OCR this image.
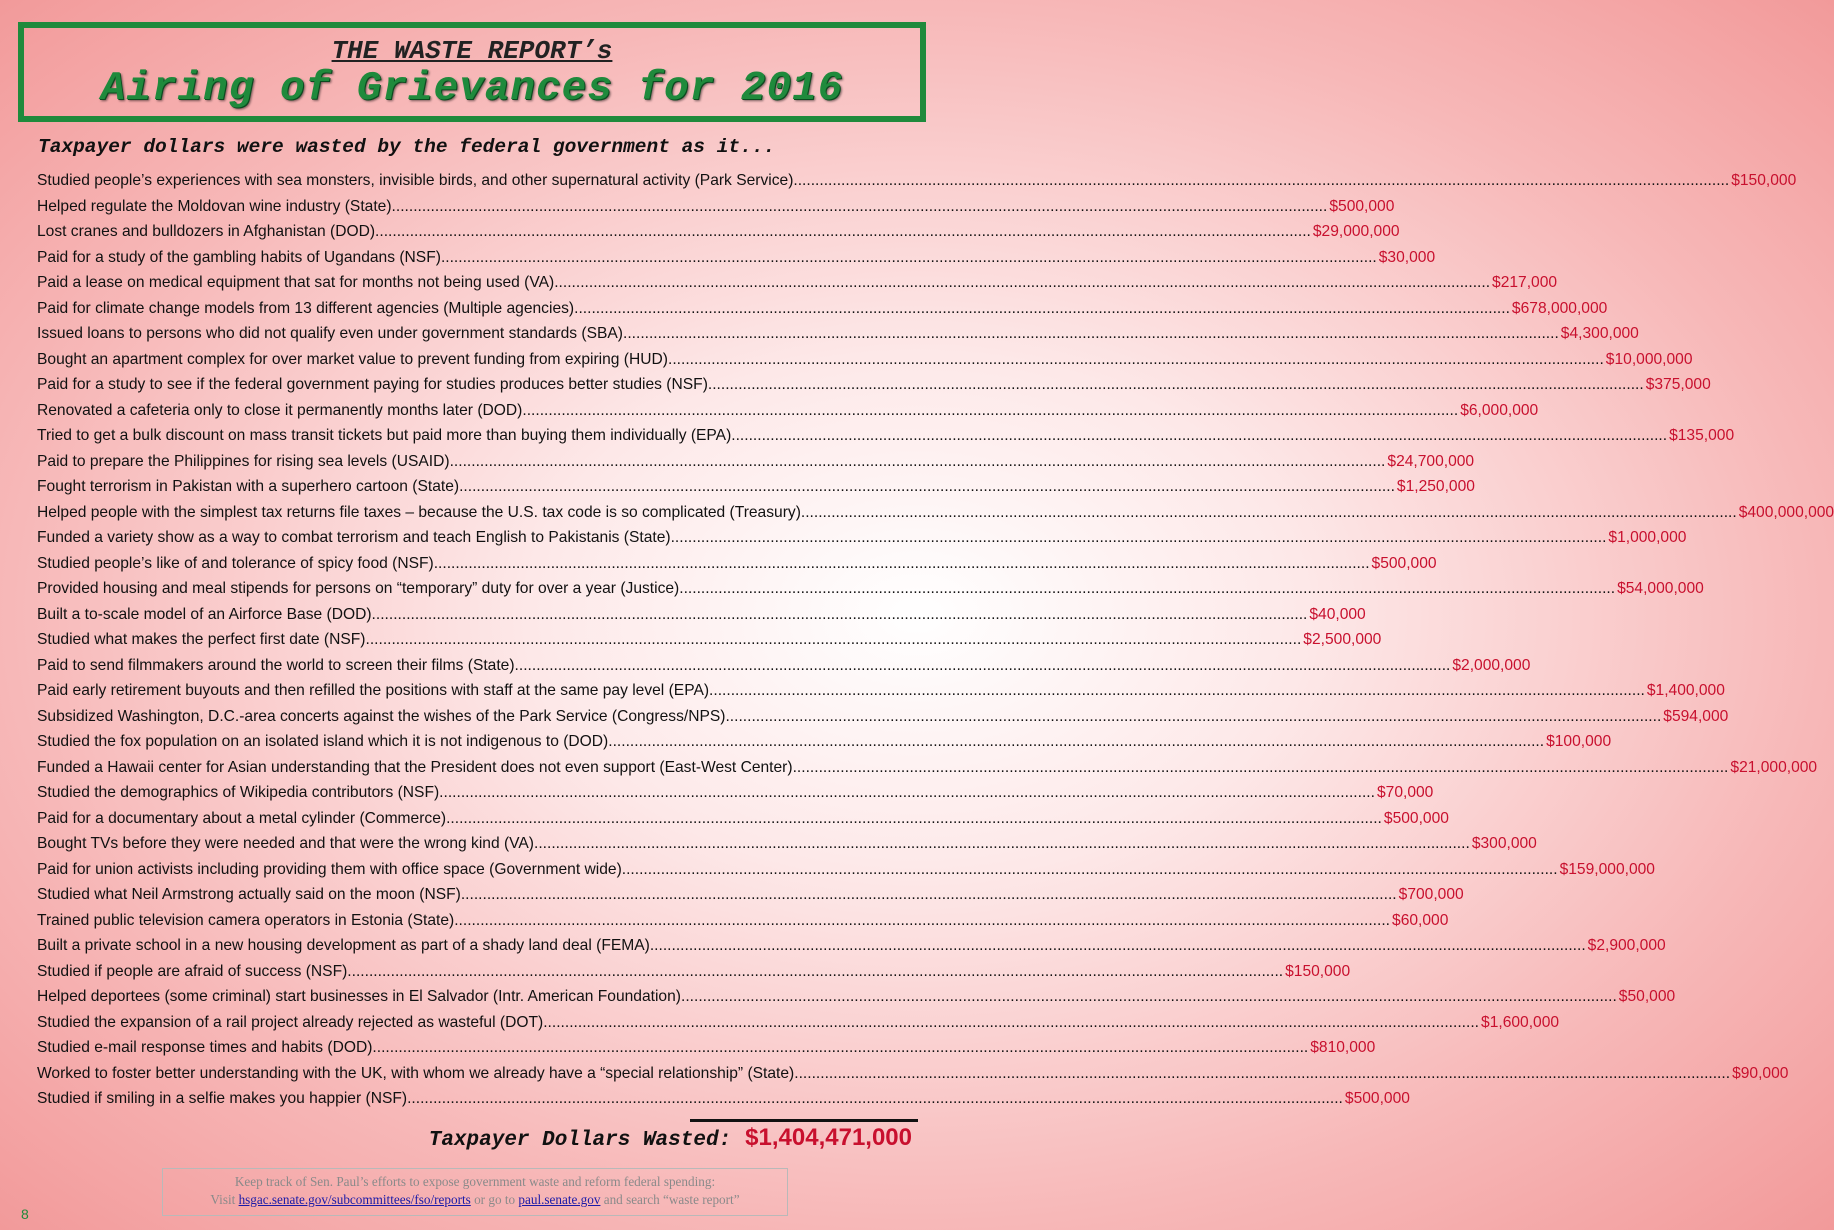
THE WASTE REPORT’s
Airing of Grievances for 2016
Taxpayer dollars were wasted by the federal government as it...
Studied people’s experiences with sea monsters, invisible birds, and other supernatural activity (Park Service) .....	$150,000
Helped regulate the Moldovan wine industry (State) .....	$500,000
Lost cranes and bulldozers in Afghanistan (DOD) .....	$29,000,000
Paid for a study of the gambling habits of Ugandans (NSF) .....	$30,000
Paid a lease on medical equipment that sat for months not being used (VA) .....	$217,000
Paid for climate change models from 13 different agencies (Multiple agencies) .....	$678,000,000
Issued loans to persons who did not qualify even under government standards (SBA) .....	$4,300,000
Bought an apartment complex for over market value to prevent funding from expiring (HUD) .....	$10,000,000
Paid for a study to see if the federal government paying for studies produces better studies (NSF) .....	$375,000
Renovated a cafeteria only to close it permanently months later (DOD) .....	$6,000,000
Tried to get a bulk discount on mass transit tickets but paid more than buying them individually (EPA) .....	$135,000
Paid to prepare the Philippines for rising sea levels (USAID) .....	$24,700,000
Fought terrorism in Pakistan with a superhero cartoon (State) .....	$1,250,000
Helped people with the simplest tax returns file taxes – because the U.S. tax code is so complicated (Treasury) .....	$400,000,000
Funded a variety show as a way to combat terrorism and teach English to Pakistanis (State) .....	$1,000,000
Studied people’s like of and tolerance of spicy food (NSF) .....	$500,000
Provided housing and meal stipends for persons on “temporary” duty for over a year (Justice) .....	$54,000,000
Built a to-scale model of an Airforce Base (DOD) .....	$40,000
Studied what makes the perfect first date (NSF) .....	$2,500,000
Paid to send filmmakers around the world to screen their films (State) .....	$2,000,000
Paid early retirement buyouts and then refilled the positions with staff at the same pay level (EPA) .....	$1,400,000
Subsidized Washington, D.C.-area concerts against the wishes of the Park Service (Congress/NPS) .....	$594,000
Studied the fox population on an isolated island which it is not indigenous to (DOD) .....	$100,000
Funded a Hawaii center for Asian understanding that the President does not even support (East-West Center) .....	$21,000,000
Studied the demographics of Wikipedia contributors (NSF) .....	$70,000
Paid for a documentary about a metal cylinder (Commerce) .....	$500,000
Bought TVs before they were needed and that were the wrong kind (VA) .....	$300,000
Paid for union activists including providing them with office space (Government wide) .....	$159,000,000
Studied what Neil Armstrong actually said on the moon (NSF) .....	$700,000
Trained public television camera operators in Estonia (State) .....	$60,000
Built a private school in a new housing development as part of a shady land deal (FEMA) .....	$2,900,000
Studied if people are afraid of success (NSF) .....	$150,000
Helped deportees (some criminal) start businesses in El Salvador (Intr. American Foundation) .....	$50,000
Studied the expansion of a rail project already rejected as wasteful (DOT) .....	$1,600,000
Studied e-mail response times and habits (DOD) .....	$810,000
Worked to foster better understanding with the UK, with whom we already have a “special relationship” (State) .....	$90,000
Studied if smiling in a selfie makes you happier (NSF) .....	$500,000
Taxpayer Dollars Wasted: $1,404,471,000
Keep track of Sen. Paul’s efforts to expose government waste and reform federal spending:
Visit hsgac.senate.gov/subcommittees/fso/reports or go to paul.senate.gov and search “waste report”
8
